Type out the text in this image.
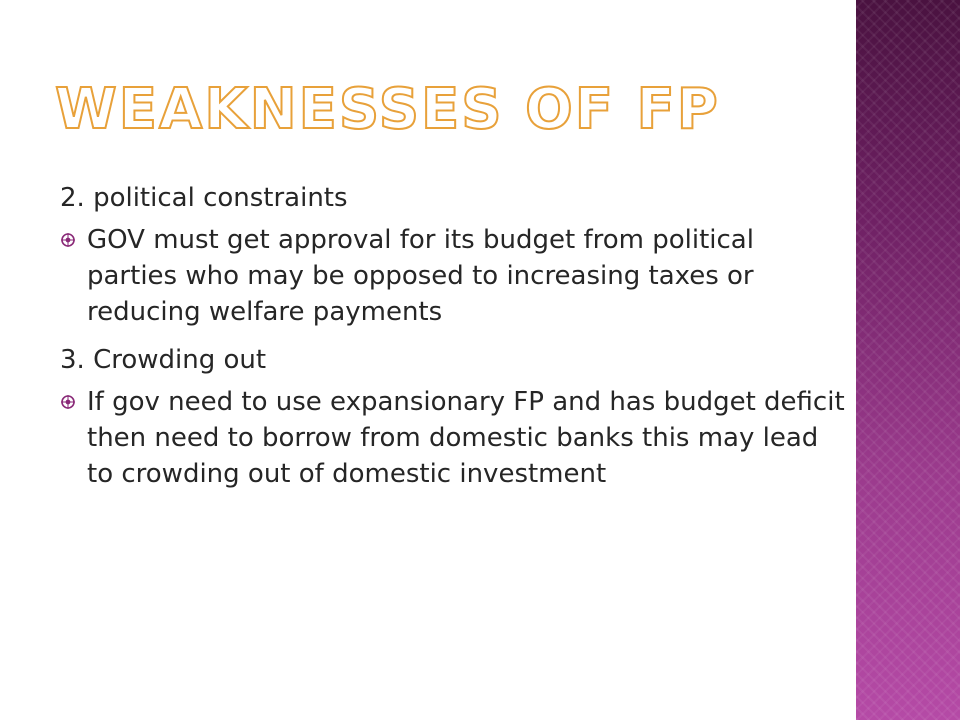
WEAKNESSES OF FP

2. political constraints

GOV must get approval for its budget from political parties who may be opposed to increasing taxes or reducing welfare payments

3. Crowding out

If gov need to use expansionary FP and has budget deficit then need to borrow from domestic banks this may lead to crowding out of domestic investment
